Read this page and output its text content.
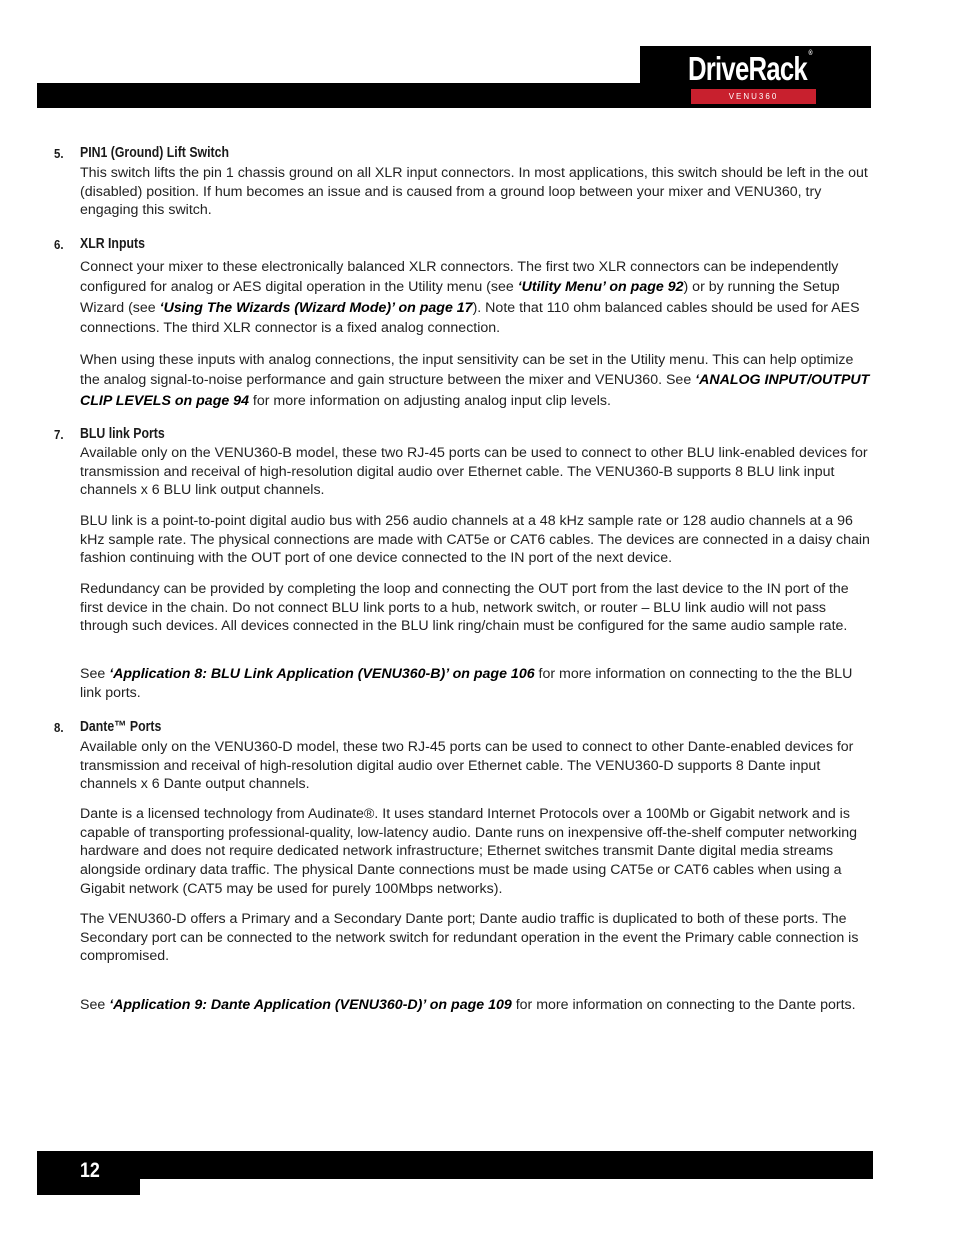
DriveRack ®
VENU360
5.	PIN1 (Ground) Lift Switch
This switch lifts the pin 1 chassis ground on all XLR input connectors. In most applications, this switch should be left in the out (disabled) position. If hum becomes an issue and is caused from a ground loop between your mixer and VENU360, try engaging this switch.
6.	XLR Inputs
Connect your mixer to these electronically balanced XLR connectors. The first two XLR connectors can be independently configured for analog or AES digital operation in the Utility menu (see ‘Utility Menu’ on page 92) or by running the Setup Wizard (see ‘Using The Wizards (Wizard Mode)’ on page 17). Note that 110 ohm balanced cables should be used for AES connections. The third XLR connector is a fixed analog connection.
When using these inputs with analog connections, the input sensitivity can be set in the Utility menu. This can help optimize the analog signal-to-noise performance and gain structure between the mixer and VENU360. See ‘ANALOG INPUT/OUTPUT CLIP LEVELS on page 94 for more information on adjusting analog input clip levels.
7.	BLU link Ports
Available only on the VENU360-B model, these two RJ-45 ports can be used to connect to other BLU link-enabled devices for transmission and receival of high-resolution digital audio over Ethernet cable. The VENU360-B supports 8 BLU link input channels x 6 BLU link output channels.
BLU link is a point-to-point digital audio bus with 256 audio channels at a 48 kHz sample rate or 128 audio channels at a 96 kHz sample rate. The physical connections are made with CAT5e or CAT6 cables. The devices are connected in a daisy chain fashion continuing with the OUT port of one device connected to the IN port of the next device.
Redundancy can be provided by completing the loop and connecting the OUT port from the last device to the IN port of the first device in the chain. Do not connect BLU link ports to a hub, network switch, or router – BLU link audio will not pass through such devices. All devices connected in the BLU link ring/chain must be configured for the same audio sample rate.
See ‘Application 8: BLU Link Application (VENU360-B)’ on page 106 for more information on connecting to the the BLU link ports.
8.	Dante™ Ports
Available only on the VENU360-D model, these two RJ-45 ports can be used to connect to other Dante-enabled devices for transmission and receival of high-resolution digital audio over Ethernet cable. The VENU360-D supports 8 Dante input channels x 6 Dante output channels.
Dante is a licensed technology from Audinate®. It uses standard Internet Protocols over a 100Mb or Gigabit network and is capable of transporting professional-quality, low-latency audio. Dante runs on inexpensive off-the-shelf computer networking hardware and does not require dedicated network infrastructure; Ethernet switches transmit Dante digital media streams alongside ordinary data traffic. The physical Dante connections must be made using CAT5e or CAT6 cables when using a Gigabit network (CAT5 may be used for purely 100Mbps networks).
The VENU360-D offers a Primary and a Secondary Dante port; Dante audio traffic is duplicated to both of these ports. The Secondary port can be connected to the network switch for redundant operation in the event the Primary cable connection is compromised.
See ‘Application 9: Dante Application (VENU360-D)’ on page 109 for more information on connecting to the Dante ports.
12
